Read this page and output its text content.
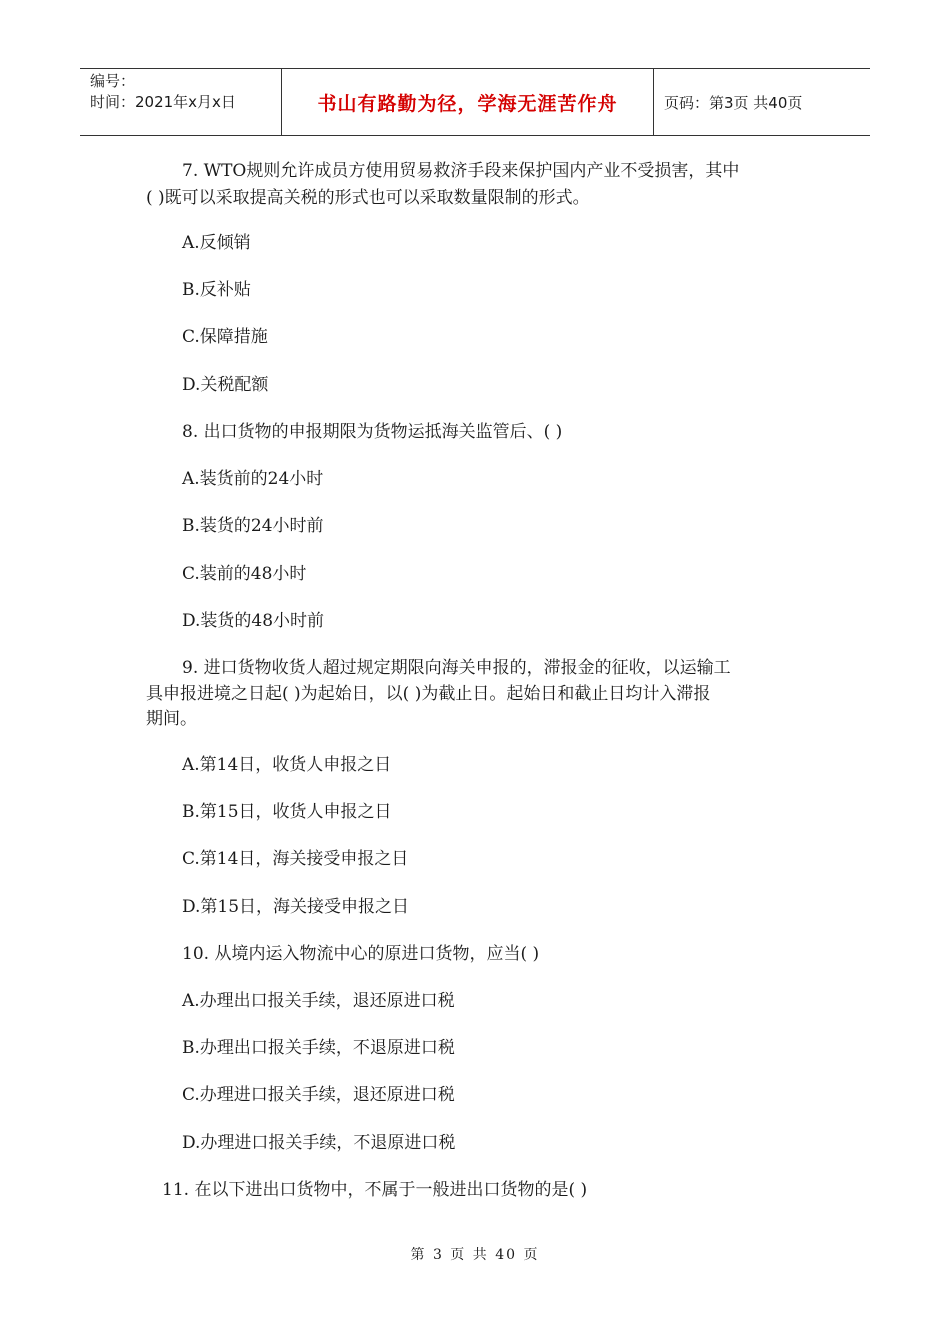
编号：
时间：2021年x月x日	书山有路勤为径，学海无涯苦作舟	页码：第3页 共40页
7. WTO规则允许成员方使用贸易救济手段来保护国内产业不受损害，其中
( )既可以采取提高关税的形式也可以采取数量限制的形式。
A.反倾销
B.反补贴
C.保障措施
D.关税配额
8. 出口货物的申报期限为货物运抵海关监管后、( )
A.装货前的24小时
B.装货的24小时前
C.装前的48小时
D.装货的48小时前
9. 进口货物收货人超过规定期限向海关申报的，滞报金的征收，以运输工
具申报进境之日起( )为起始日，以( )为截止日。起始日和截止日均计入滞报
期间。
A.第14日，收货人申报之日
B.第15日，收货人申报之日
C.第14日，海关接受申报之日
D.第15日，海关接受申报之日
10. 从境内运入物流中心的原进口货物，应当( )
A.办理出口报关手续，退还原进口税
B.办理出口报关手续，不退原进口税
C.办理进口报关手续，退还原进口税
D.办理进口报关手续，不退原进口税
11. 在以下进出口货物中，不属于一般进出口货物的是( )
第 3 页 共 40 页
